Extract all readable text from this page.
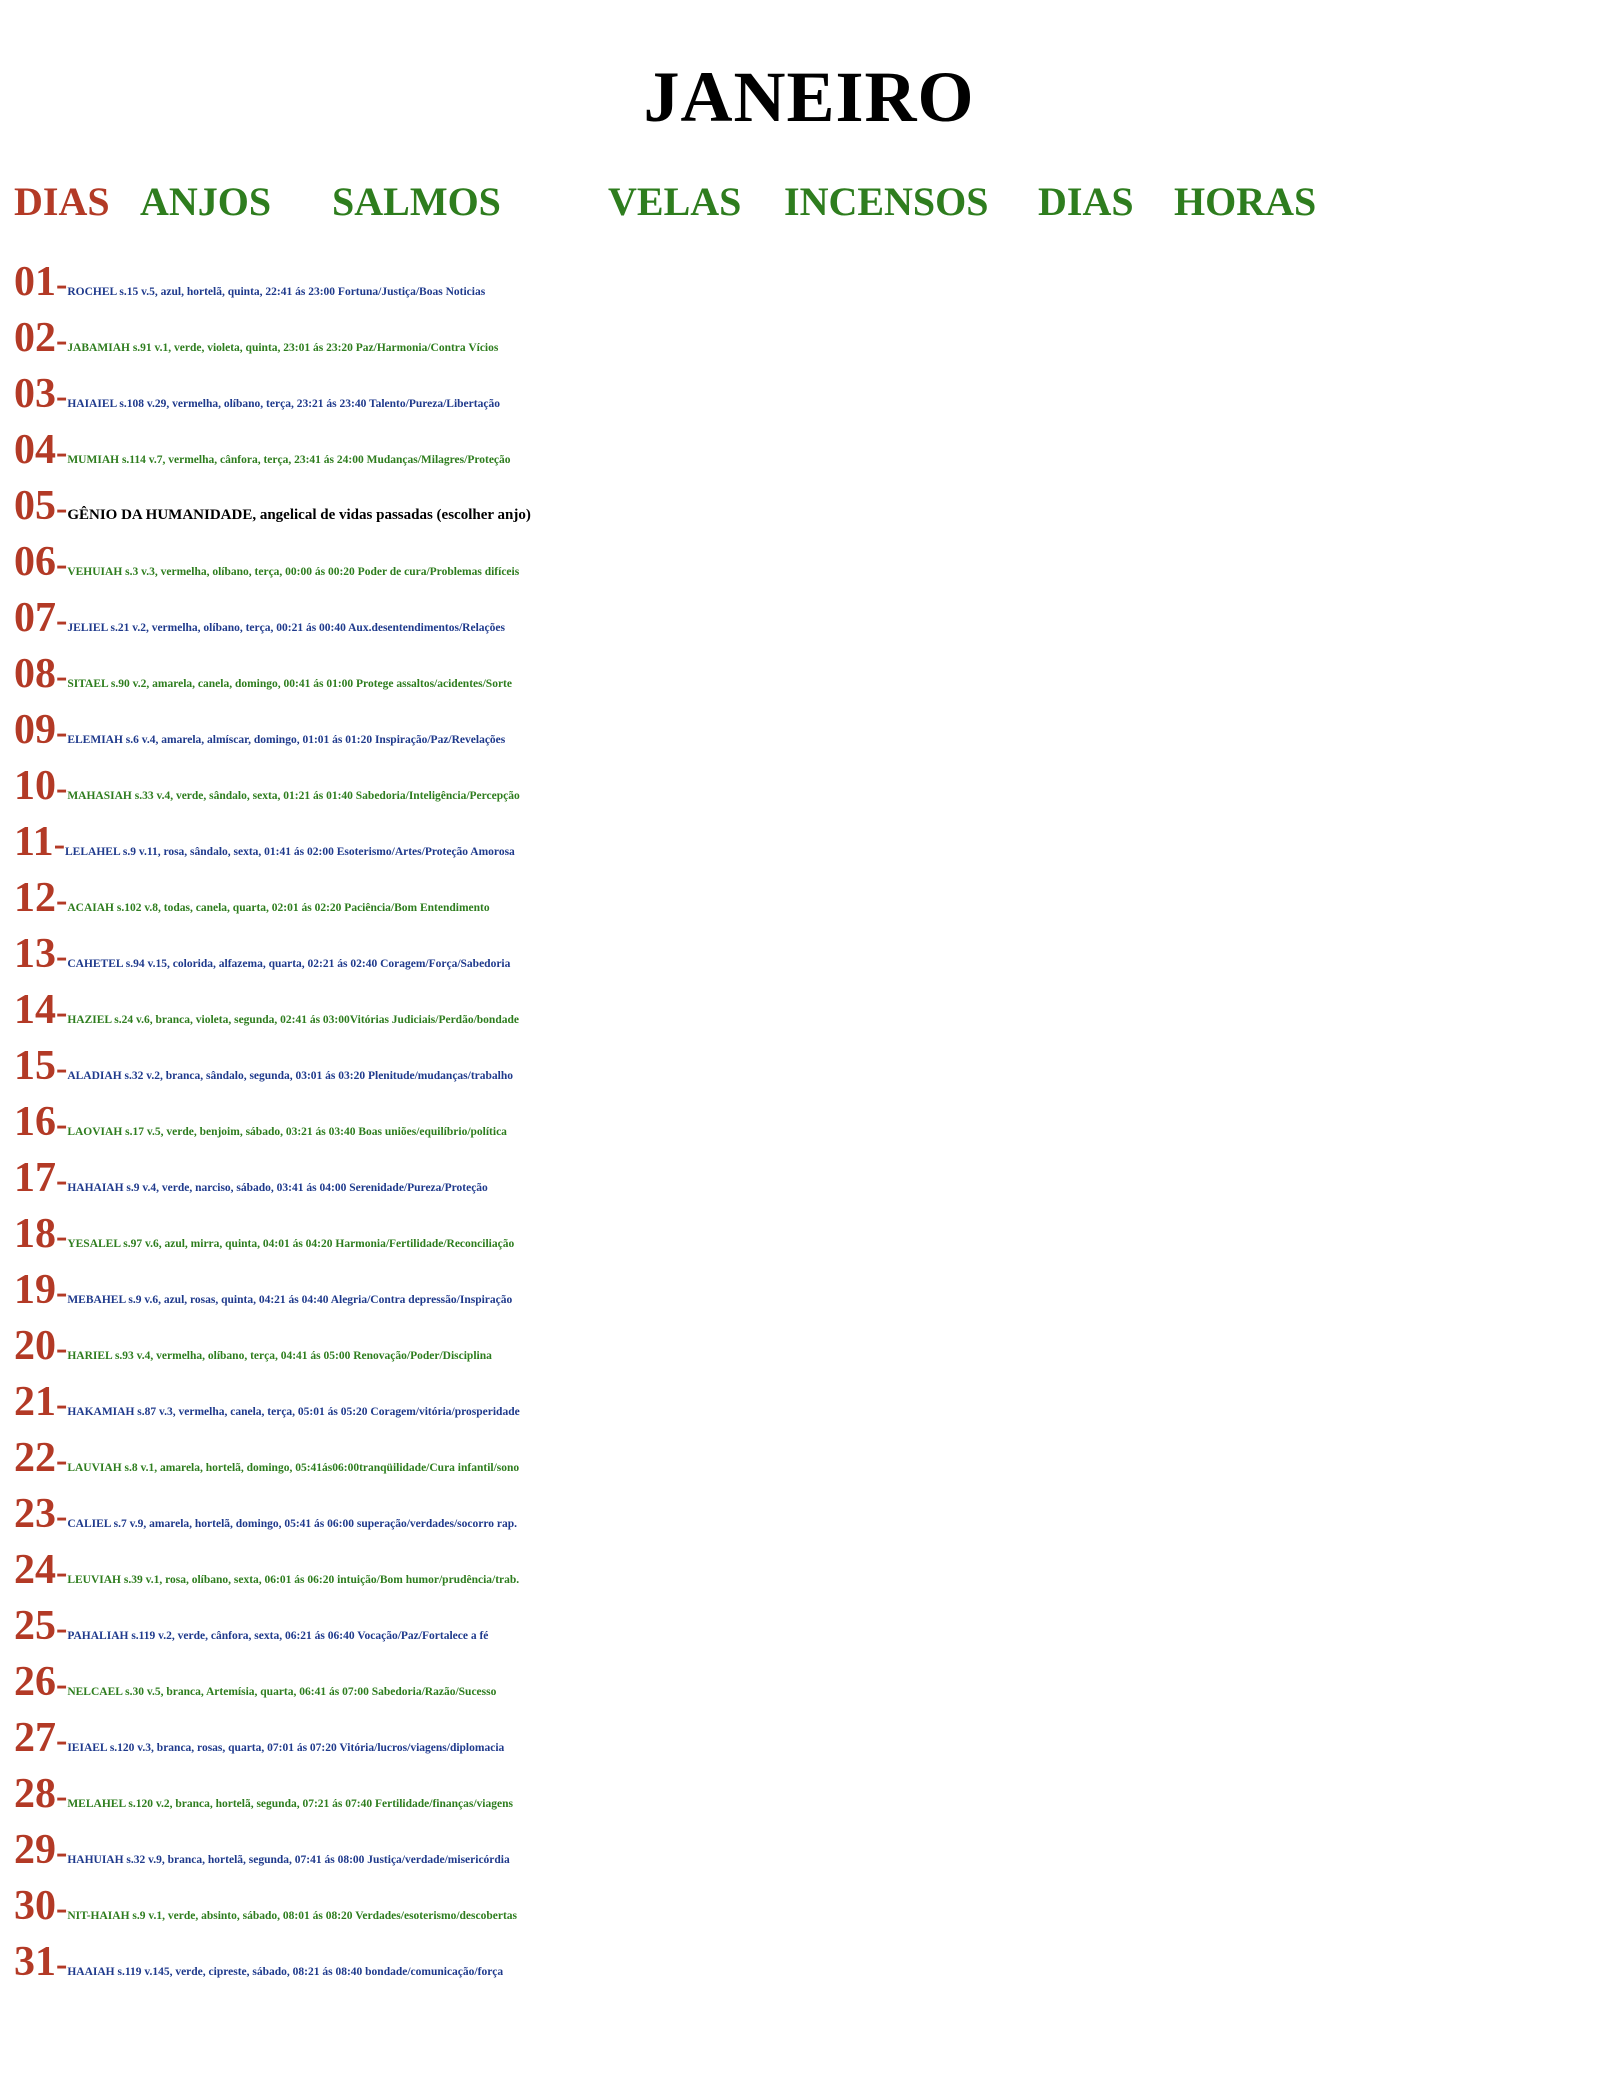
JANEIRO
DIAS ANJOS SALMOS	VELAS INCENSOS DIAS HORAS
01-ROCHEL s.15 v.5, azul, hortelã, quinta, 22:41 ás 23:00 Fortuna/Justiça/Boas Noticias
02-JABAMIAH s.91 v.1, verde, violeta, quinta, 23:01 ás 23:20 Paz/Harmonia/Contra Vícios
03-HAIAIEL s.108 v.29, vermelha, olíbano, terça, 23:21 ás 23:40 Talento/Pureza/Libertação
04-MUMIAH s.114 v.7, vermelha, cânfora, terça, 23:41 ás 24:00 Mudanças/Milagres/Proteção
05-GÊNIO DA HUMANIDADE, angelical de vidas passadas (escolher anjo)
06-VEHUIAH s.3 v.3, vermelha, olíbano, terça, 00:00 ás 00:20 Poder de cura/Problemas difíceis
07-JELIEL s.21 v.2, vermelha, olíbano, terça, 00:21 ás 00:40 Aux.desentendimentos/Relações
08-SITAEL s.90 v.2, amarela, canela, domingo, 00:41 ás 01:00 Protege assaltos/acidentes/Sorte
09-ELEMIAH s.6 v.4, amarela, almíscar, domingo, 01:01 ás 01:20 Inspiração/Paz/Revelações
10-MAHASIAH s.33 v.4, verde, sândalo, sexta, 01:21 ás 01:40 Sabedoria/Inteligência/Percepção
11-LELAHEL s.9 v.11, rosa, sândalo, sexta, 01:41 ás 02:00 Esoterismo/Artes/Proteção Amorosa
12-ACAIAH s.102 v.8, todas, canela, quarta, 02:01 ás 02:20 Paciência/Bom Entendimento
13-CAHETEL s.94 v.15, colorida, alfazema, quarta, 02:21 ás 02:40 Coragem/Força/Sabedoria
14-HAZIEL s.24 v.6, branca, violeta, segunda, 02:41 ás 03:00Vitórias Judiciais/Perdão/bondade
15-ALADIAH s.32 v.2, branca, sândalo, segunda, 03:01 ás 03:20 Plenitude/mudanças/trabalho
16-LAOVIAH s.17 v.5, verde, benjoim, sábado, 03:21 ás 03:40 Boas uniões/equilíbrio/política
17-HAHAIAH s.9 v.4, verde, narciso, sábado, 03:41 ás 04:00 Serenidade/Pureza/Proteção
18-YESALEL s.97 v.6, azul, mirra, quinta, 04:01 ás 04:20 Harmonia/Fertilidade/Reconciliação
19-MEBAHEL s.9 v.6, azul, rosas, quinta, 04:21 ás 04:40 Alegria/Contra depressão/Inspiração
20-HARIEL s.93 v.4, vermelha, olíbano, terça, 04:41 ás 05:00 Renovação/Poder/Disciplina
21-HAKAMIAH s.87 v.3, vermelha, canela, terça, 05:01 ás 05:20 Coragem/vitória/prosperidade
22-LAUVIAH s.8 v.1, amarela, hortelã, domingo, 05:41ás06:00tranqüilidade/Cura infantil/sono
23-CALIEL s.7 v.9, amarela, hortelã, domingo, 05:41 ás 06:00 superação/verdades/socorro rap.
24-LEUVIAH s.39 v.1, rosa, olíbano, sexta, 06:01 ás 06:20 intuição/Bom humor/prudência/trab.
25-PAHALIAH s.119 v.2, verde, cânfora, sexta, 06:21 ás 06:40 Vocação/Paz/Fortalece a fé
26-NELCAEL s.30 v.5, branca, Artemísia, quarta, 06:41 ás 07:00 Sabedoria/Razão/Sucesso
27-IEIAEL s.120 v.3, branca, rosas, quarta, 07:01 ás 07:20 Vitória/lucros/viagens/diplomacia
28-MELAHEL s.120 v.2, branca, hortelã, segunda, 07:21 ás 07:40 Fertilidade/finanças/viagens
29-HAHUIAH s.32 v.9, branca, hortelã, segunda, 07:41 ás 08:00 Justiça/verdade/misericórdia
30-NIT-HAIAH s.9 v.1, verde, absinto, sábado, 08:01 ás 08:20 Verdades/esoterismo/descobertas
31-HAAIAH s.119 v.145, verde, cipreste, sábado, 08:21 ás 08:40 bondade/comunicação/força
